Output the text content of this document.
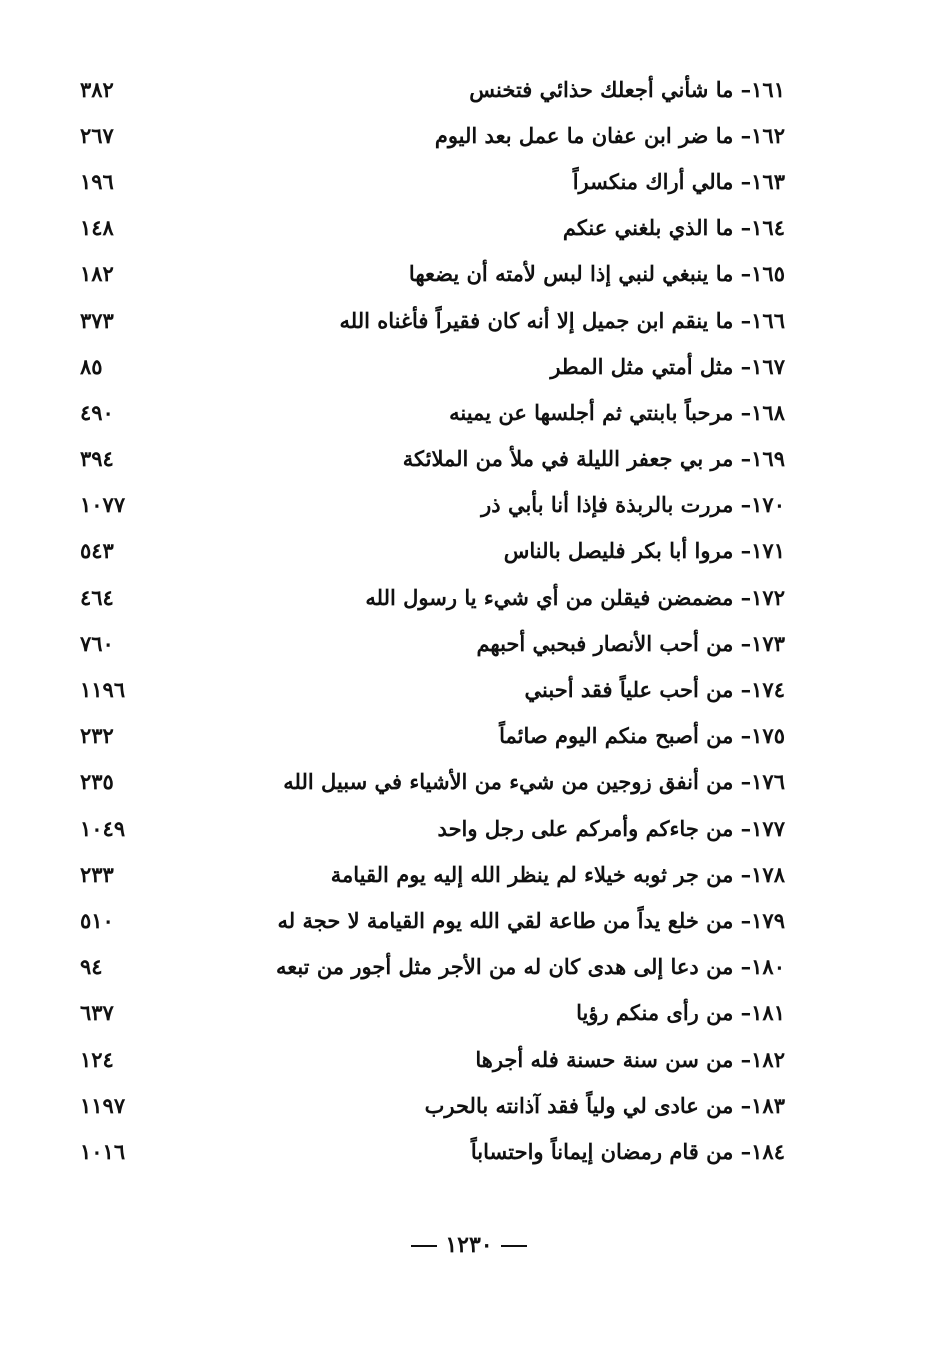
١٦١– ما شأني أجعلك حذائي فتخنس
٣٨٢
١٦٢– ما ضر ابن عفان ما عمل بعد اليوم
٢٦٧
١٦٣– مالي أراك منكسراً
١٩٦
١٦٤– ما الذي بلغني عنكم
١٤٨
١٦٥– ما ينبغي لنبي إذا لبس لأمته أن يضعها
١٨٢
١٦٦– ما ينقم ابن جميل إلا أنه كان فقيراً فأغناه الله
٣٧٣
١٦٧– مثل أمتي مثل المطر
٨٥
١٦٨– مرحباً بابنتي ثم أجلسها عن يمينه
٤٩٠
١٦٩– مر بي جعفر الليلة في ملأ من الملائكة
٣٩٤
١٧٠– مررت بالربذة فإذا أنا بأبي ذر
١٠٧٧
١٧١– مروا أبا بكر فليصل بالناس
٥٤٣
١٧٢– مضمضن فيقلن من أي شيء يا رسول الله
٤٦٤
١٧٣– من أحب الأنصار فبحبي أحبهم
٧٦٠
١٧٤– من أحب علياً فقد أحبني
١١٩٦
١٧٥– من أصبح منكم اليوم صائماً
٢٣٢
١٧٦– من أنفق زوجين من شيء من الأشياء في سبيل الله
٢٣٥
١٧٧– من جاءكم وأمركم على رجل واحد
١٠٤٩
١٧٨– من جر ثوبه خيلاء لم ينظر الله إليه يوم القيامة
٢٣٣
١٧٩– من خلع يداً من طاعة لقي الله يوم القيامة لا حجة له
٥١٠
١٨٠– من دعا إلى هدى كان له من الأجر مثل أجور من تبعه
٩٤
١٨١– من رأى منكم رؤيا
٦٣٧
١٨٢– من سن سنة حسنة فله أجرها
١٢٤
١٨٣– من عادى لي ولياً فقد آذانته بالحرب
١١٩٧
١٨٤– من قام رمضان إيماناً واحتساباً
١٠١٦
١٢٣٠
